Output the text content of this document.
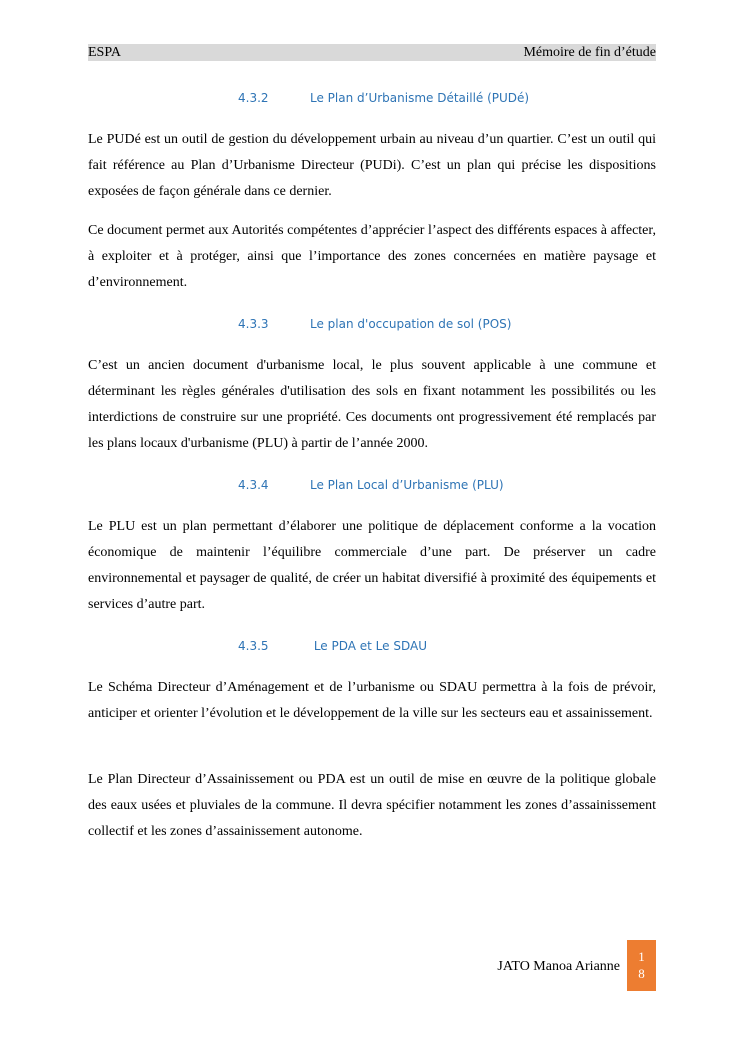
ESPA	Mémoire de fin d’étude
4.3.2	Le Plan d’Urbanisme Détaillé (PUDé)

Le PUDé est un outil de gestion du développement urbain au niveau d’un quartier. C’est un outil qui fait référence au Plan d’Urbanisme Directeur (PUDi). C’est un plan qui précise les dispositions exposées de façon générale dans ce dernier.

Ce document permet aux Autorités compétentes d’apprécier l’aspect des différents espaces à affecter, à exploiter et à protéger, ainsi que l’importance des zones concernées en matière paysage et d’environnement.

4.3.3	Le plan d'occupation de sol (POS)

C’est un ancien document d'urbanisme local, le plus souvent applicable à une commune et déterminant les règles générales d'utilisation des sols en fixant notamment les possibilités ou les interdictions de construire sur une propriété. Ces documents ont progressivement été remplacés par les plans locaux d'urbanisme (PLU) à partir de l’année 2000.

4.3.4	Le Plan Local d’Urbanisme (PLU)

Le PLU est un plan permettant d’élaborer une politique de déplacement conforme a la vocation économique de maintenir l’équilibre commerciale d’une part. De préserver un cadre environnemental et paysager de qualité, de créer un habitat diversifié à proximité des équipements et services d’autre part.

4.3.5	Le PDA et Le SDAU

Le Schéma Directeur d’Aménagement et de l’urbanisme ou SDAU permettra à la fois de prévoir, anticiper et orienter l’évolution et le développement de la ville sur les secteurs eau et assainissement.

Le Plan Directeur d’Assainissement ou PDA est un outil de mise en œuvre de la politique globale des eaux usées et pluviales de la commune. Il devra spécifier notamment les zones d’assainissement collectif et les zones d’assainissement autonome.

JATO Manoa Arianne
1
8
